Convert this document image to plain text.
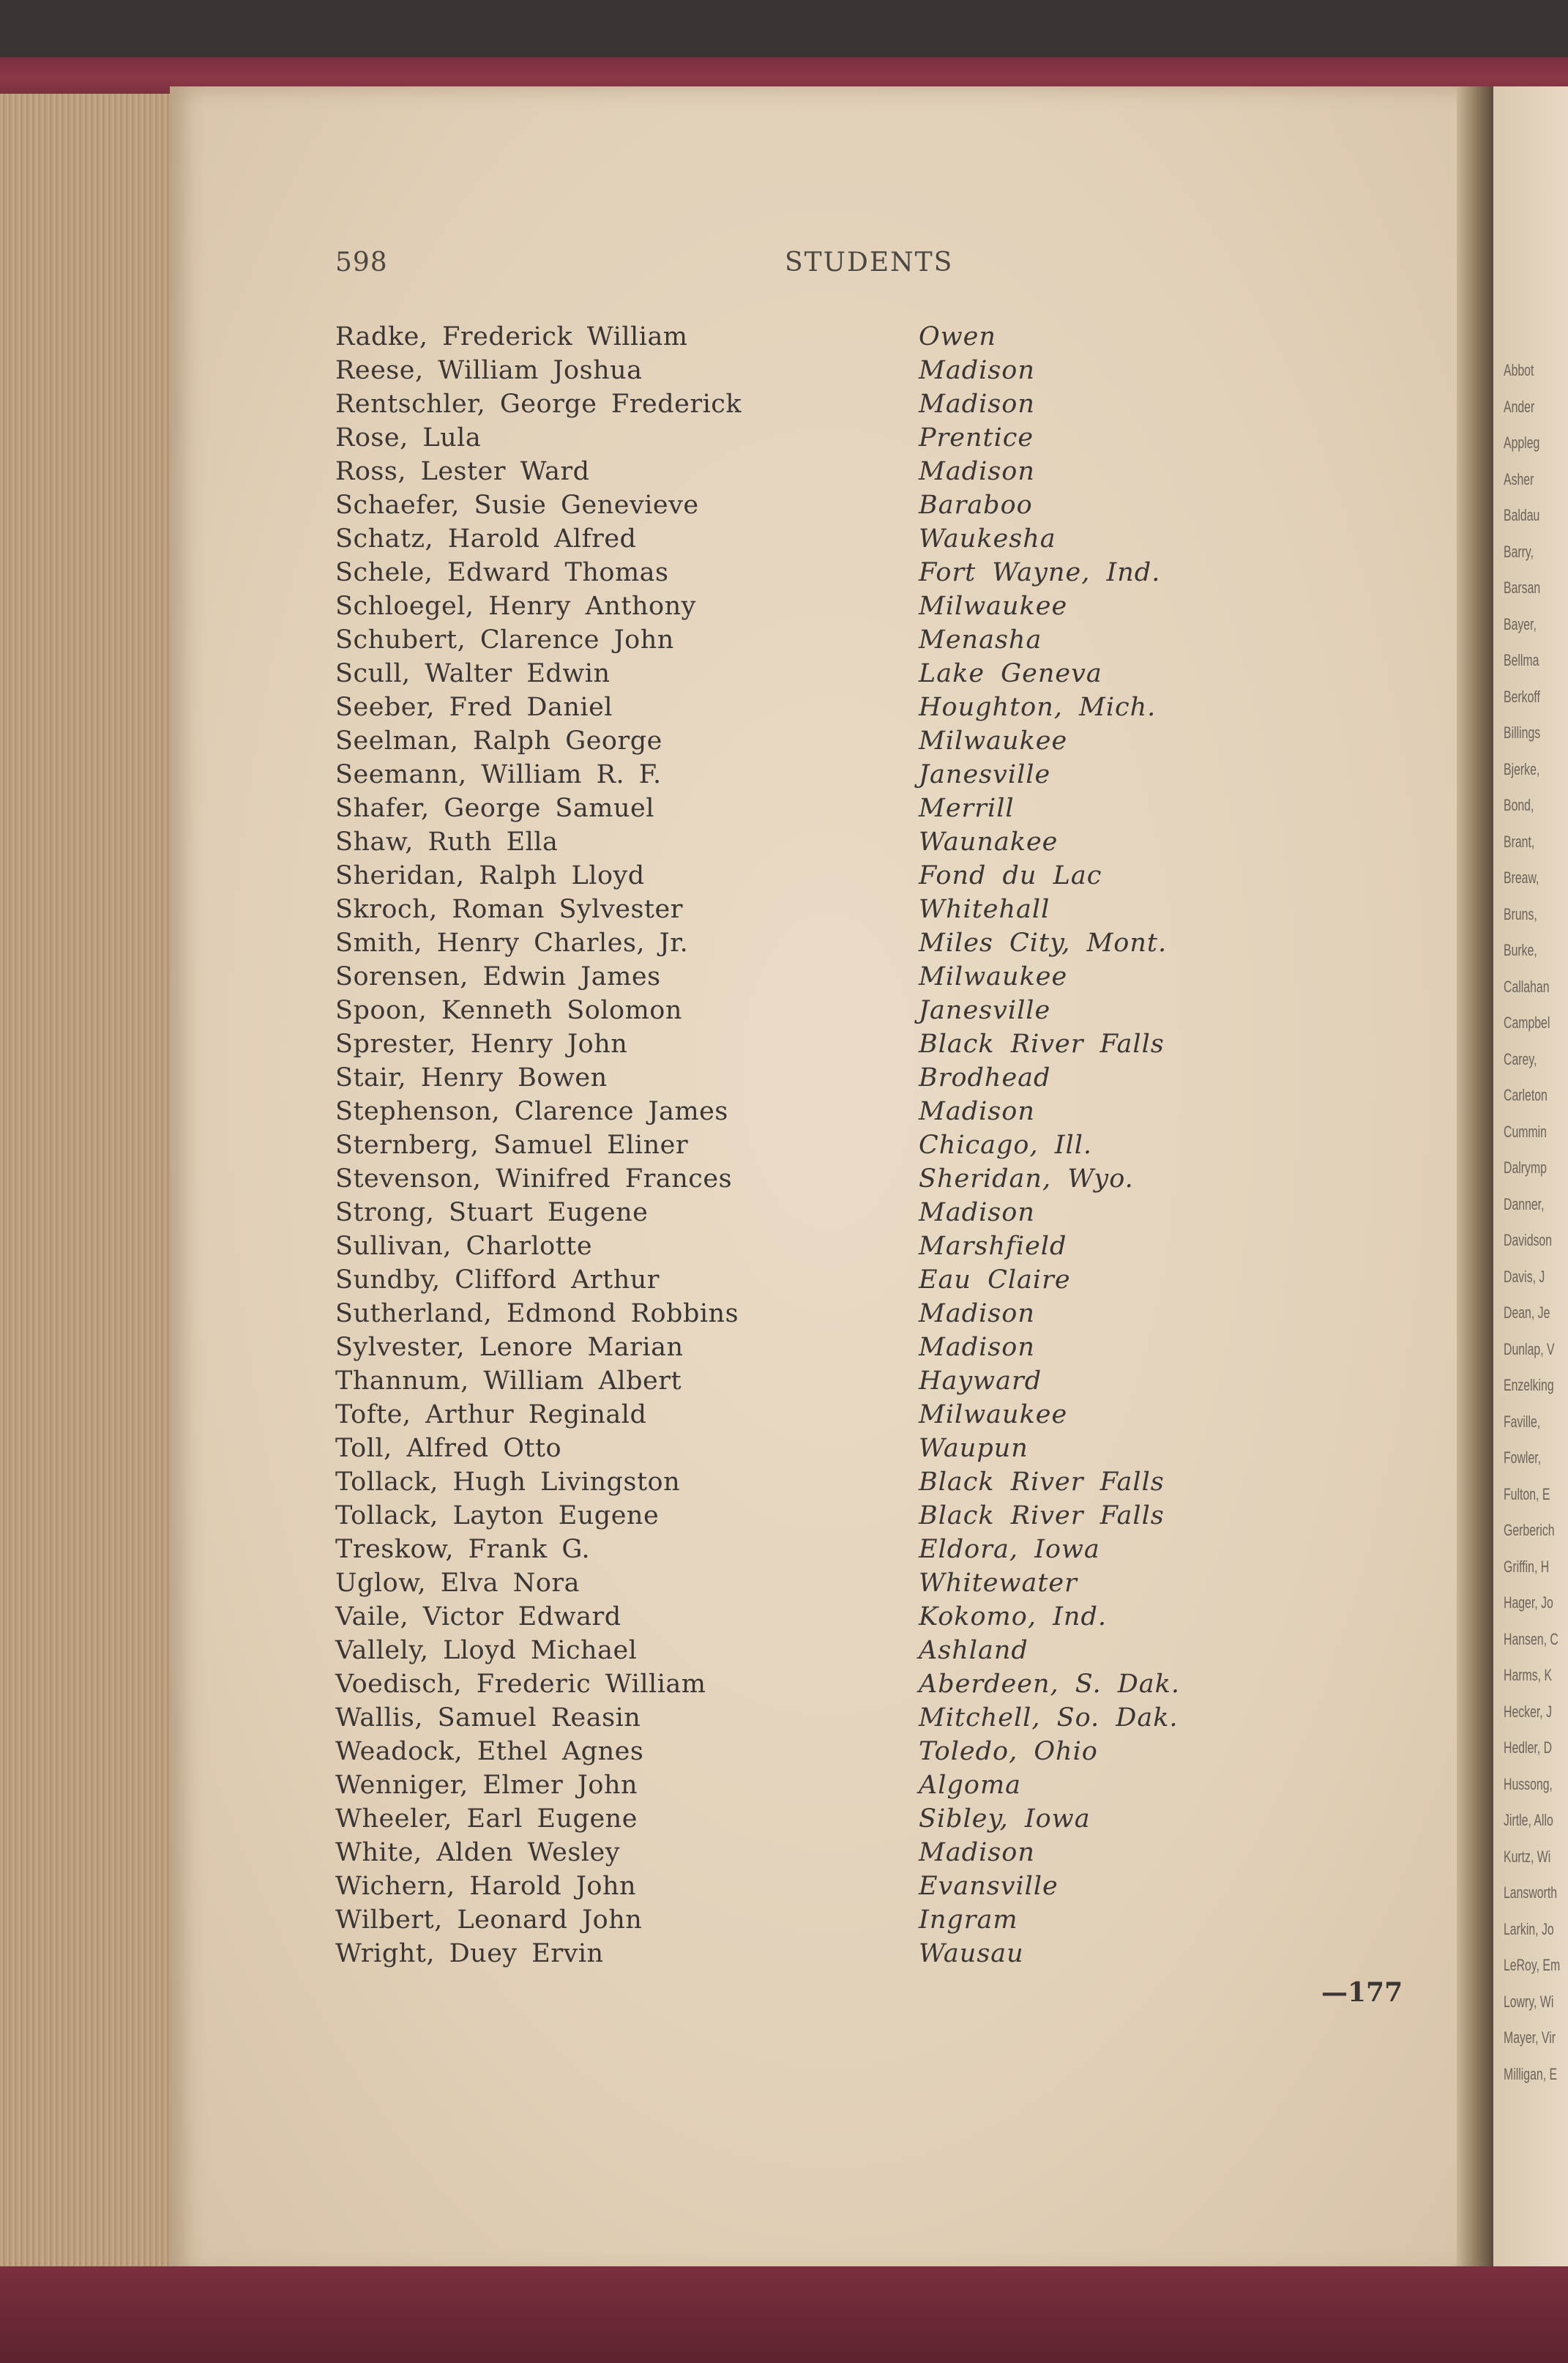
Abbot
Ander
Appleg
Asher
Baldau
Barry,
Barsan
Bayer,
Bellma
Berkoff
Billings
Bjerke,
Bond,
Brant,
Breaw,
Bruns,
Burke,
Callahan
Campbel
Carey,
Carleton
Cummin
Dalrymp
Danner,
Davidson
Davis, J
Dean, Je
Dunlap, V
Enzelking
Faville,
Fowler,
Fulton, E
Gerberich
Griffin, H
Hager, Jo
Hansen, C
Harms, K
Hecker, J
Hedler, D
Hussong,
Jirtle, Allo
Kurtz, Wi
Lansworth
Larkin, Jo
LeRoy, Em
Lowry, Wi
Mayer, Vir
Milligan, E
598	STUDENTS
Radke, Frederick William	Owen
Reese, William Joshua	Madison
Rentschler, George Frederick	Madison
Rose, Lula	Prentice
Ross, Lester Ward	Madison
Schaefer, Susie Genevieve	Baraboo
Schatz, Harold Alfred	Waukesha
Schele, Edward Thomas	Fort Wayne, Ind.
Schloegel, Henry Anthony	Milwaukee
Schubert, Clarence John	Menasha
Scull, Walter Edwin	Lake Geneva
Seeber, Fred Daniel	Houghton, Mich.
Seelman, Ralph George	Milwaukee
Seemann, William R. F.	Janesville
Shafer, George Samuel	Merrill
Shaw, Ruth Ella	Waunakee
Sheridan, Ralph Lloyd	Fond du Lac
Skroch, Roman Sylvester	Whitehall
Smith, Henry Charles, Jr.	Miles City, Mont.
Sorensen, Edwin James	Milwaukee
Spoon, Kenneth Solomon	Janesville
Sprester, Henry John	Black River Falls
Stair, Henry Bowen	Brodhead
Stephenson, Clarence James	Madison
Sternberg, Samuel Eliner	Chicago, Ill.
Stevenson, Winifred Frances	Sheridan, Wyo.
Strong, Stuart Eugene	Madison
Sullivan, Charlotte	Marshfield
Sundby, Clifford Arthur	Eau Claire
Sutherland, Edmond Robbins	Madison
Sylvester, Lenore Marian	Madison
Thannum, William Albert	Hayward
Tofte, Arthur Reginald	Milwaukee
Toll, Alfred Otto	Waupun
Tollack, Hugh Livingston	Black River Falls
Tollack, Layton Eugene	Black River Falls
Treskow, Frank G.	Eldora, Iowa
Uglow, Elva Nora	Whitewater
Vaile, Victor Edward	Kokomo, Ind.
Vallely, Lloyd Michael	Ashland
Voedisch, Frederic William	Aberdeen, S. Dak.
Wallis, Samuel Reasin	Mitchell, So. Dak.
Weadock, Ethel Agnes	Toledo, Ohio
Wenniger, Elmer John	Algoma
Wheeler, Earl Eugene	Sibley, Iowa
White, Alden Wesley	Madison
Wichern, Harold John	Evansville
Wilbert, Leonard John	Ingram
Wright, Duey Ervin	Wausau
—177
